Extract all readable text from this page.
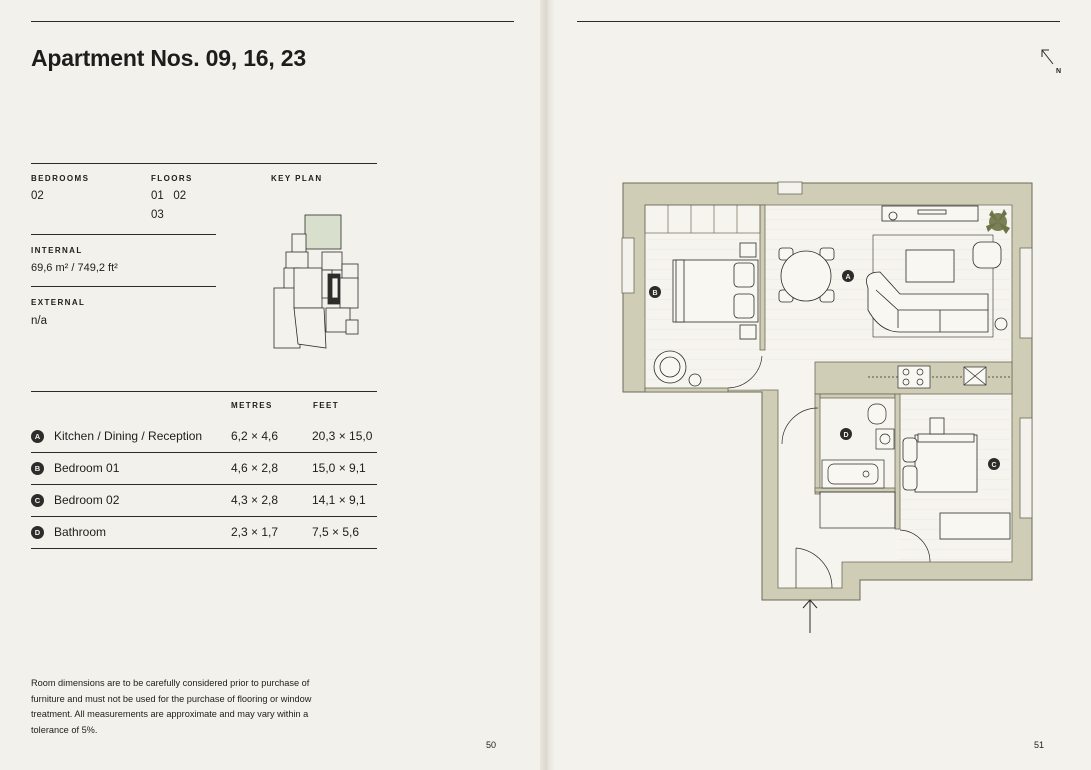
Apartment Nos. 09, 16, 23
BEDROOMS
02
FLOORS
01   02
03
KEY PLAN
INTERNAL
69,6 m² / 749,2 ft²
EXTERNAL
n/a
METRES	FEET
A	Kitchen / Dining / Reception 6,2 × 4,6	20,3 × 15,0
B	Bedroom 01	4,6 × 2,8	15,0 × 9,1
C	Bedroom 02	4,3 × 2,8	14,1 × 9,1
D	Bathroom	2,3 × 1,7	7,5 × 5,6
Room dimensions are to be carefully considered prior to purchase of furniture and must not be used for the purchase of flooring or window treatment. All measurements are approximate and may vary within a tolerance of 5%.
50
N
A
B
C
D
51
